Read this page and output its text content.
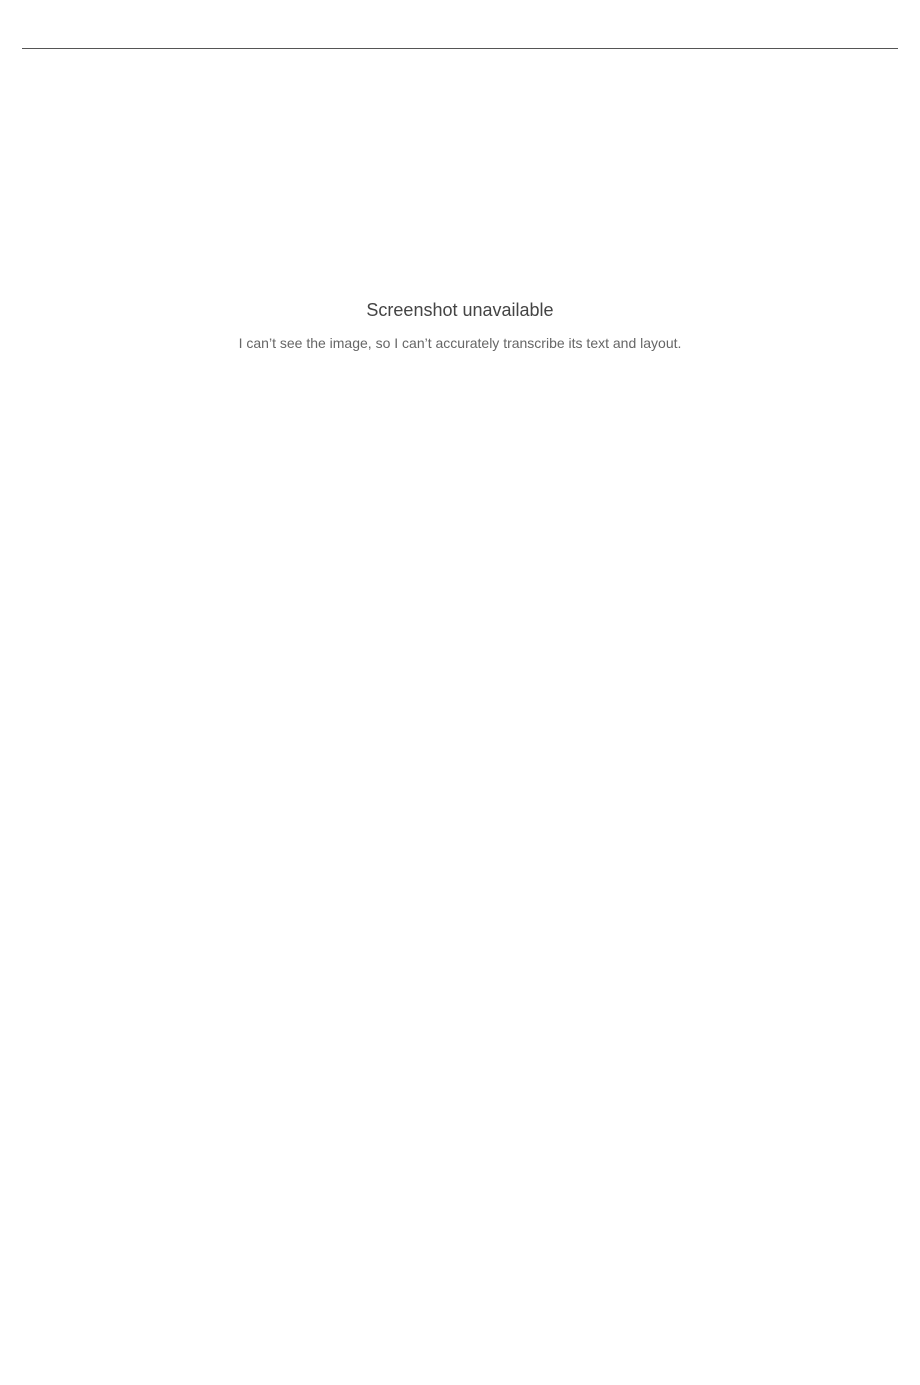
Screenshot unavailable
I can’t see the image, so I can’t accurately transcribe its text and layout.
